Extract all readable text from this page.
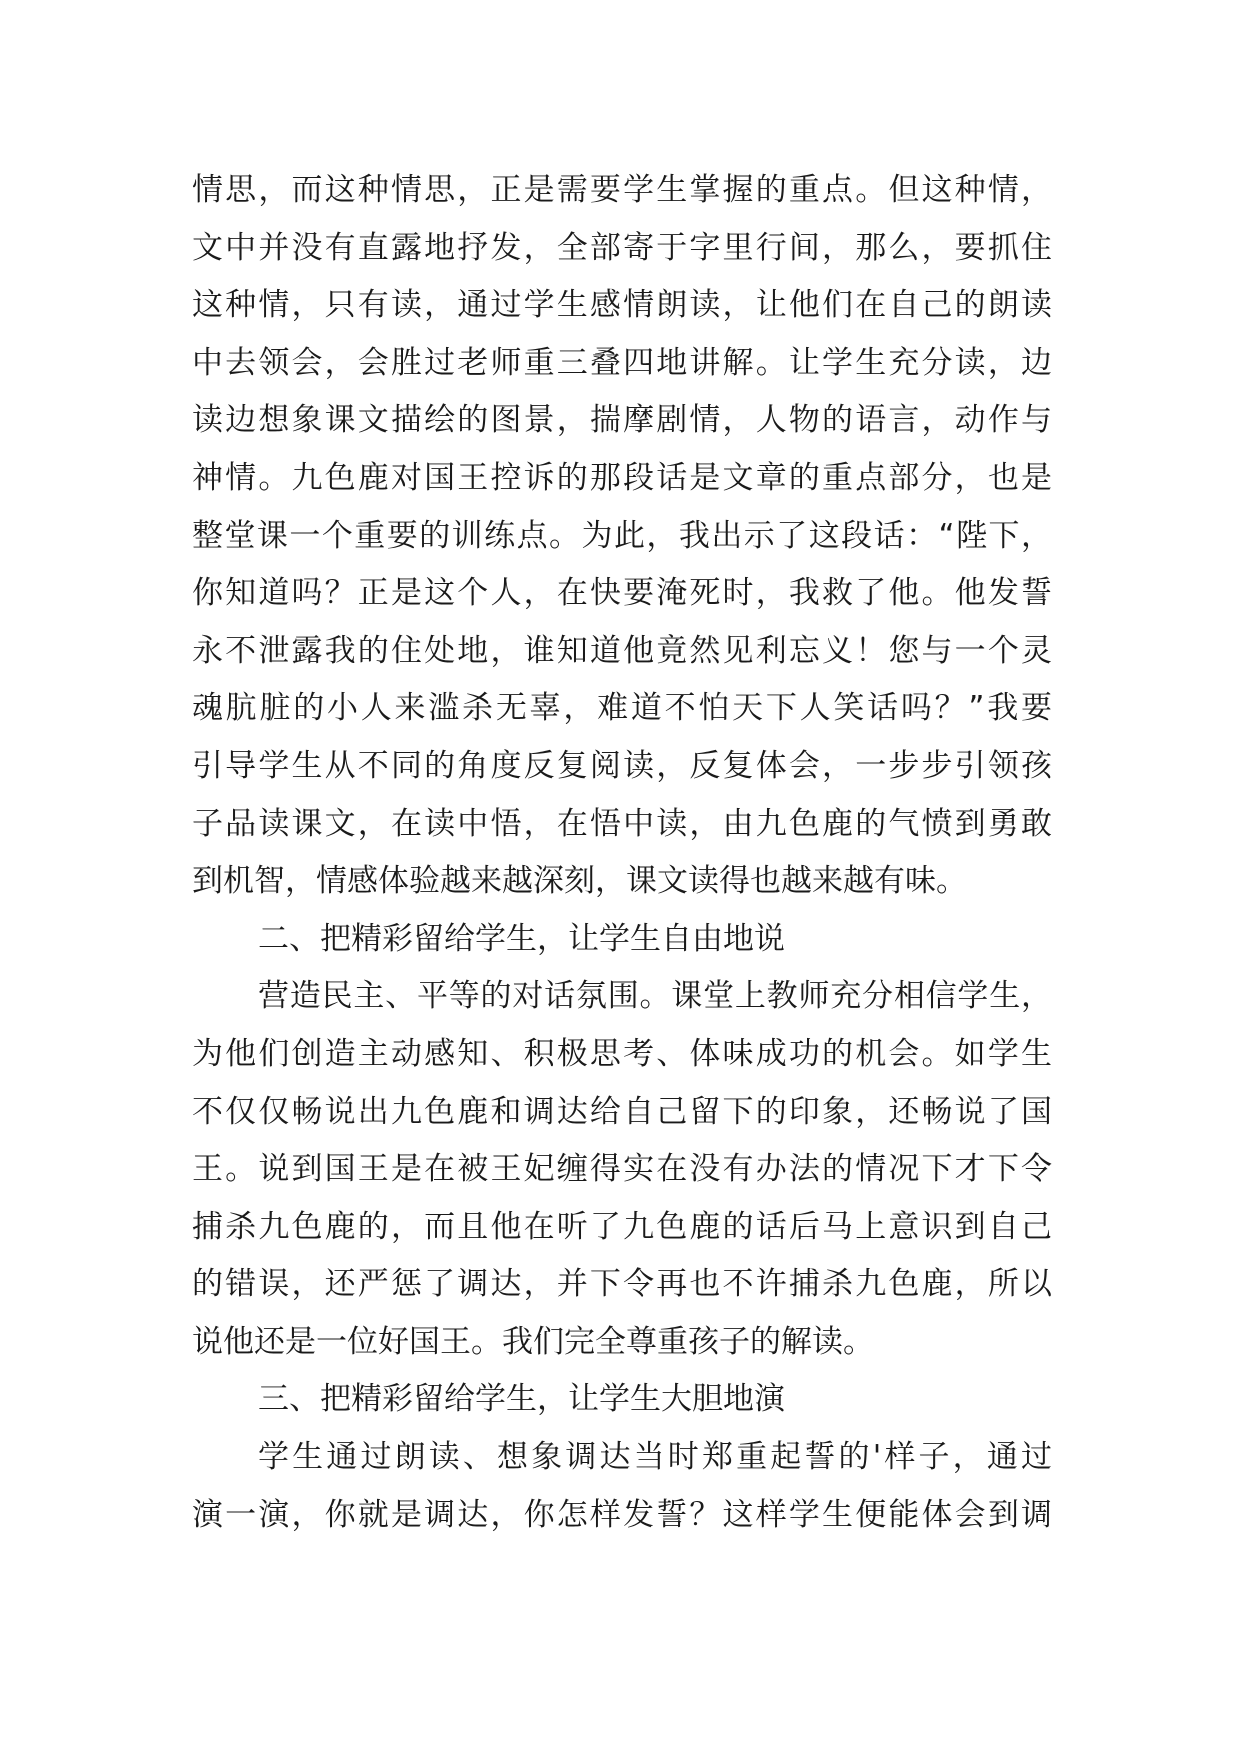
情思，而这种情思，正是需要学生掌握的重点。但这种情，
文中并没有直露地抒发，全部寄于字里行间，那么，要抓住
这种情，只有读，通过学生感情朗读，让他们在自己的朗读
中去领会，会胜过老师重三叠四地讲解。让学生充分读，边
读边想象课文描绘的图景，揣摩剧情，人物的语言，动作与
神情。九色鹿对国王控诉的那段话是文章的重点部分，也是
整堂课一个重要的训练点。为此，我出示了这段话：“陛下，
你知道吗？正是这个人，在快要淹死时，我救了他。他发誓
永不泄露我的住处地，谁知道他竟然见利忘义！您与一个灵
魂肮脏的小人来滥杀无辜，难道不怕天下人笑话吗？”我要
引导学生从不同的角度反复阅读，反复体会，一步步引领孩
子品读课文，在读中悟，在悟中读，由九色鹿的气愤到勇敢
到机智，情感体验越来越深刻，课文读得也越来越有味。
二、把精彩留给学生，让学生自由地说
营造民主、平等的对话氛围。课堂上教师充分相信学生，
为他们创造主动感知、积极思考、体味成功的机会。如学生
不仅仅畅说出九色鹿和调达给自己留下的印象，还畅说了国
王。说到国王是在被王妃缠得实在没有办法的情况下才下令
捕杀九色鹿的，而且他在听了九色鹿的话后马上意识到自己
的错误，还严惩了调达，并下令再也不许捕杀九色鹿，所以
说他还是一位好国王。我们完全尊重孩子的解读。
三、把精彩留给学生，让学生大胆地演
学生通过朗读、想象调达当时郑重起誓的'样子，通过
演一演，你就是调达，你怎样发誓？这样学生便能体会到调
